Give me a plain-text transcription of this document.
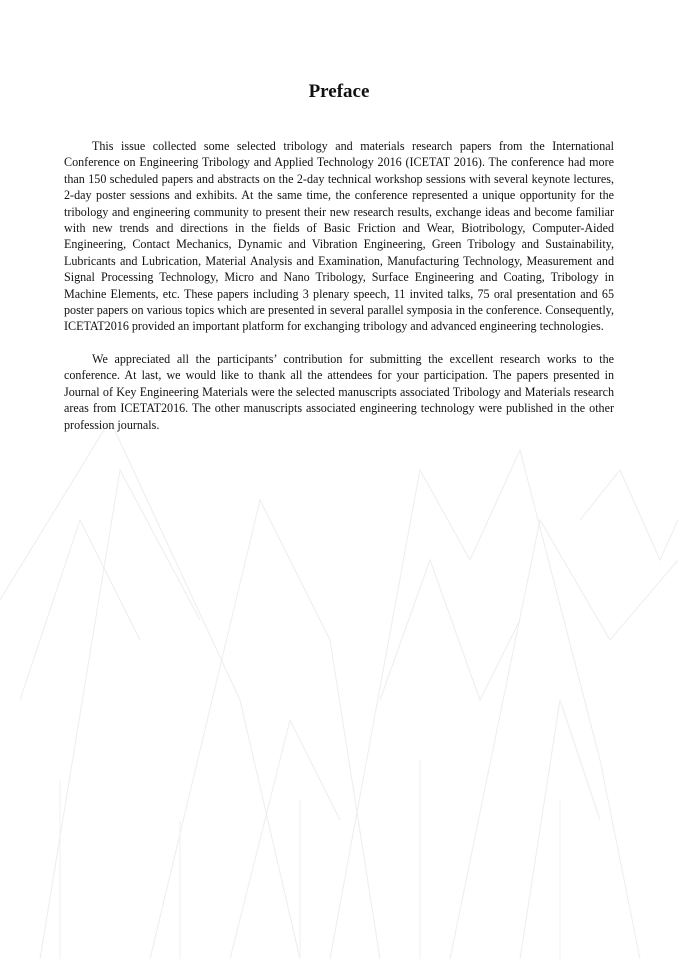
Preface

This issue collected some selected tribology and materials research papers from the International Conference on Engineering Tribology and Applied Technology 2016 (ICETAT 2016). The conference had more than 150 scheduled papers and abstracts on the 2-day technical workshop sessions with several keynote lectures, 2-day poster sessions and exhibits. At the same time, the conference represented a unique opportunity for the tribology and engineering community to present their new research results, exchange ideas and become familiar with new trends and directions in the fields of Basic Friction and Wear, Biotribology, Computer-Aided Engineering, Contact Mechanics, Dynamic and Vibration Engineering, Green Tribology and Sustainability, Lubricants and Lubrication, Material Analysis and Examination, Manufacturing Technology, Measurement and Signal Processing Technology, Micro and Nano Tribology, Surface Engineering and Coating, Tribology in Machine Elements, etc. These papers including 3 plenary speech, 11 invited talks, 75 oral presentation and 65 poster papers on various topics which are presented in several parallel symposia in the conference. Consequently, ICETAT2016 provided an important platform for exchanging tribology and advanced engineering technologies.

We appreciated all the participants’ contribution for submitting the excellent research works to the conference. At last, we would like to thank all the attendees for your participation. The papers presented in Journal of Key Engineering Materials were the selected manuscripts associated Tribology and Materials research areas from ICETAT2016. The other manuscripts associated engineering technology were published in the other profession journals.
